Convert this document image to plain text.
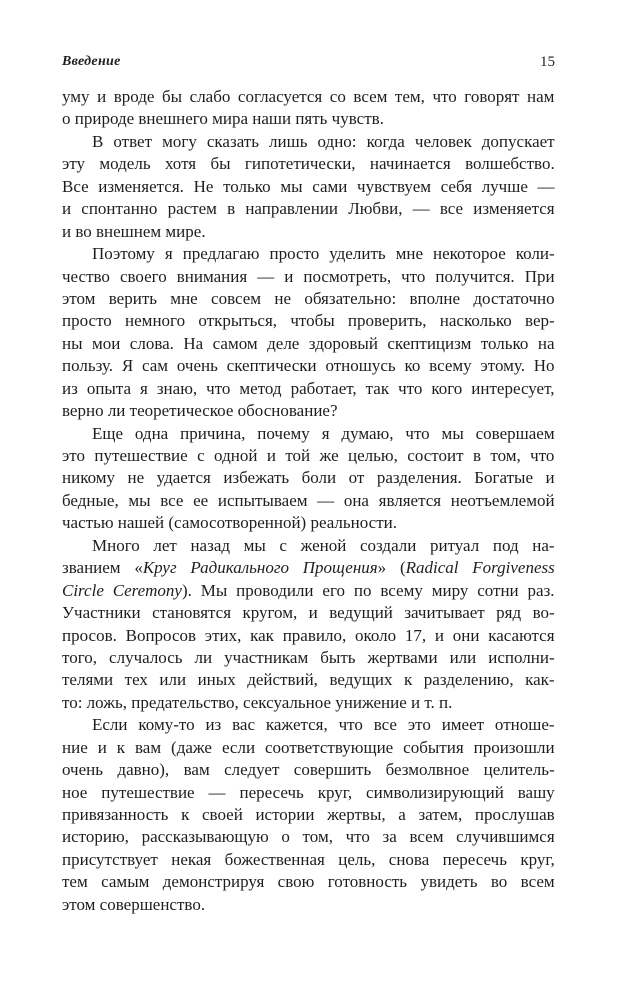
Введение	15
уму и вроде бы слабо согласуется со всем тем, что говорят нам
о природе внешнего мира наши пять чувств.
В ответ могу сказать лишь одно: когда человек допускает
эту модель хотя бы гипотетически, начинается волшебство.
Все изменяется. Не только мы сами чувствуем себя лучше —
и спонтанно растем в направлении Любви, — все изменяется
и во внешнем мире.
Поэтому я предлагаю просто уделить мне некоторое коли-
чество своего внимания — и посмотреть, что получится. При
этом верить мне совсем не обязательно: вполне достаточно
просто немного открыться, чтобы проверить, насколько вер-
ны мои слова. На самом деле здоровый скептицизм только на
пользу. Я сам очень скептически отношусь ко всему этому. Но
из опыта я знаю, что метод работает, так что кого интересует,
верно ли теоретическое обоснование?
Еще одна причина, почему я думаю, что мы совершаем
это путешествие с одной и той же целью, состоит в том, что
никому не удается избежать боли от разделения. Богатые и
бедные, мы все ее испытываем — она является неотъемлемой
частью нашей (самосотворенной) реальности.
Много лет назад мы с женой создали ритуал под на-
званием «Круг Радикального Прощения» (Radical Forgiveness
Circle Ceremony). Мы проводили его по всему миру сотни раз.
Участники становятся кругом, и ведущий зачитывает ряд во-
просов. Вопросов этих, как правило, около 17, и они касаются
того, случалось ли участникам быть жертвами или исполни-
телями тех или иных действий, ведущих к разделению, как-
то: ложь, предательство, сексуальное унижение и т. п.
Если кому-то из вас кажется, что все это имеет отноше-
ние и к вам (даже если соответствующие события произошли
очень давно), вам следует совершить безмолвное целитель-
ное путешествие — пересечь круг, символизирующий вашу
привязанность к своей истории жертвы, а затем, прослушав
историю, рассказывающую о том, что за всем случившимся
присутствует некая божественная цель, снова пересечь круг,
тем самым демонстрируя свою готовность увидеть во всем
этом совершенство.
